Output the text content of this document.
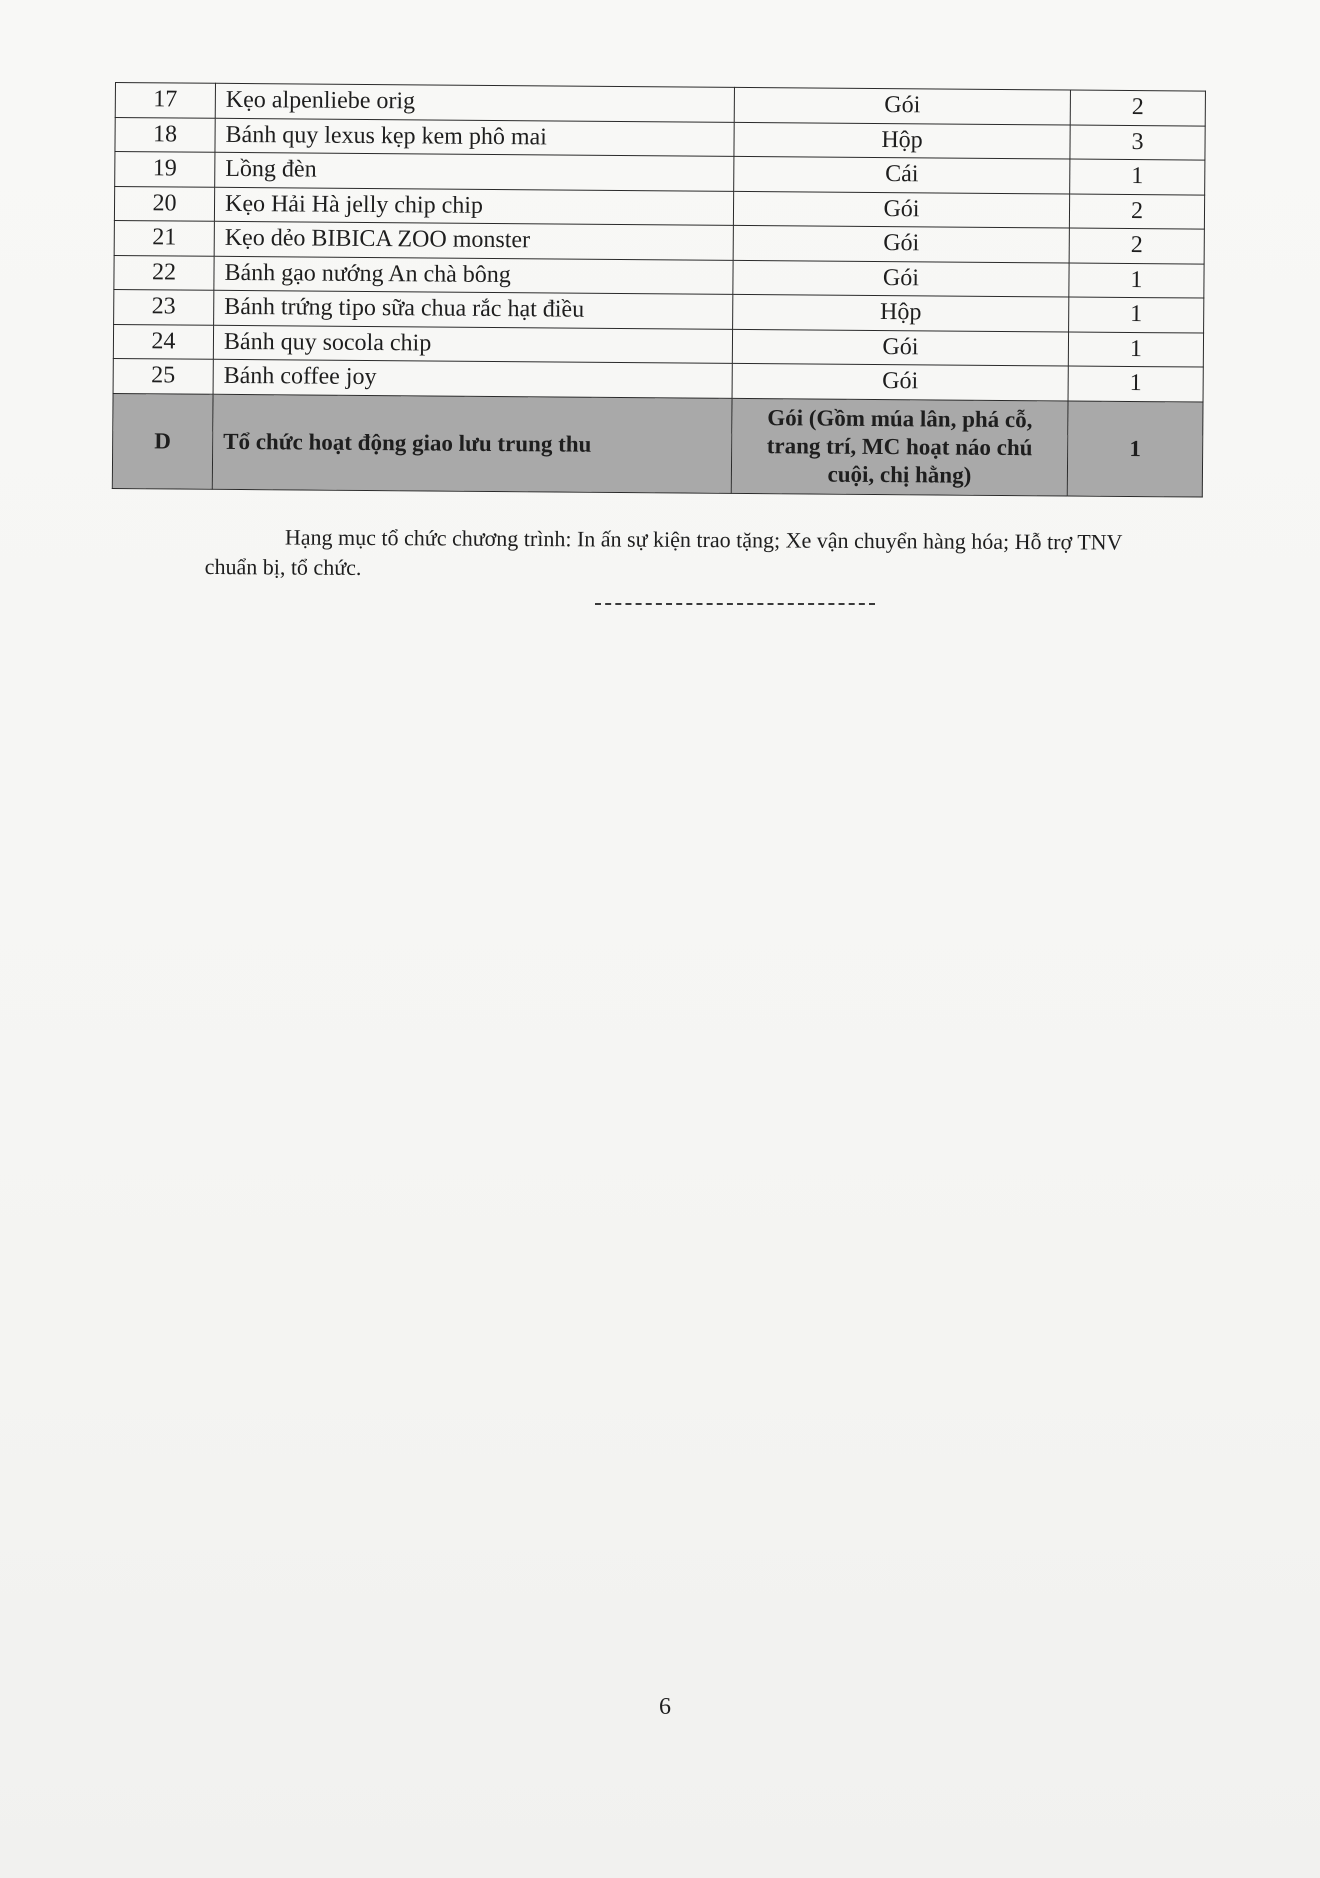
17	Kẹo alpenliebe orig	Gói	2
18	Bánh quy lexus kẹp kem phô mai	Hộp	3
19	Lồng đèn	Cái	1
20	Kẹo Hải Hà jelly chip chip	Gói	2
21	Kẹo dẻo BIBICA ZOO monster	Gói	2
22	Bánh gạo nướng An chà bông	Gói	1
23	Bánh trứng tipo sữa chua rắc hạt điều	Hộp	1
24	Bánh quy socola chip	Gói	1
25	Bánh coffee joy	Gói	1
D	Tổ chức hoạt động giao lưu trung thu	Gói (Gồm múa lân, phá cỗ, trang trí, MC hoạt náo chú cuội, chị hằng)	1

Hạng mục tổ chức chương trình: In ấn sự kiện trao tặng; Xe vận chuyển hàng hóa; Hỗ trợ TNV chuẩn bị, tổ chức.

6
